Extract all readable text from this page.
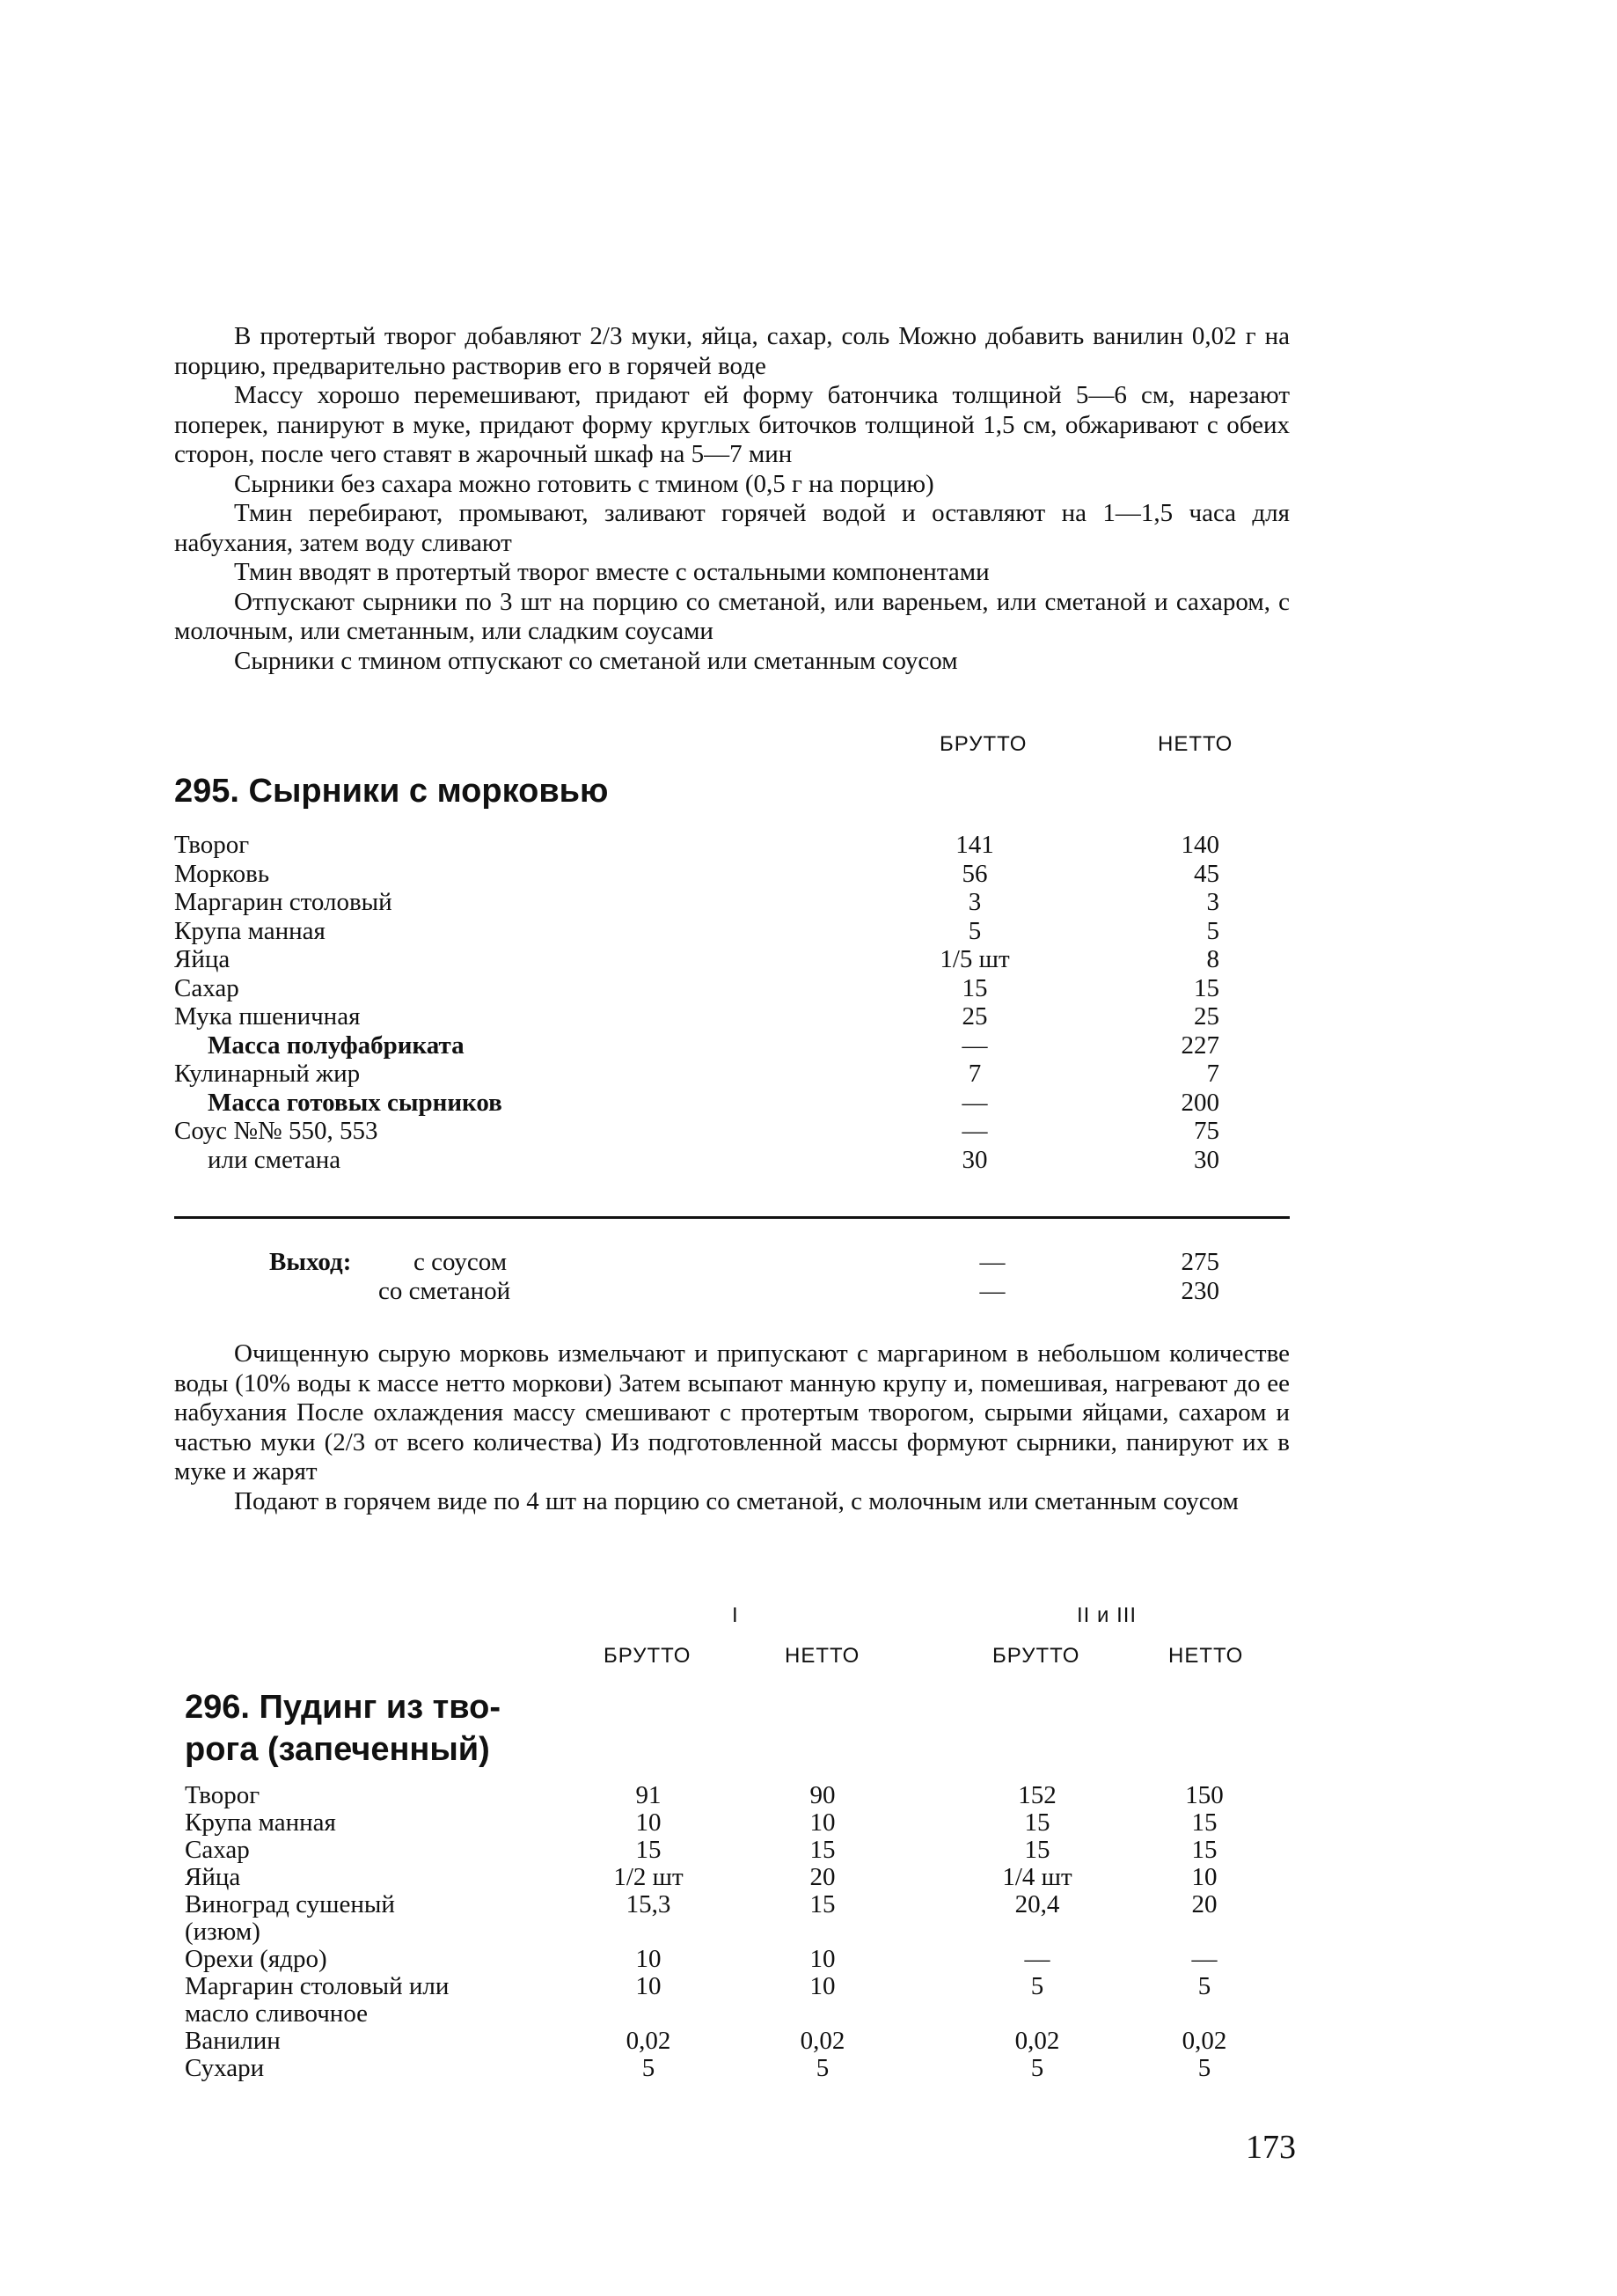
В протертый творог добавляют 2/3 муки, яйца, сахар, соль Можно добавить ванилин 0,02 г на порцию, предварительно растворив его в горячей воде

Массу хорошо перемешивают, придают ей форму батончика толщиной 5—6 см, нарезают поперек, панируют в муке, придают форму круглых биточков толщиной 1,5 см, обжаривают с обеих сторон, после чего ставят в жарочный шкаф на 5—7 мин

Сырники без сахара можно готовить с тмином (0,5 г на порцию)

Тмин перебирают, промывают, заливают горячей водой и оставляют на 1—1,5 часа для набухания, затем воду сливают

Тмин вводят в протертый творог вместе с остальными компонентами

Отпускают сырники по 3 шт на порцию со сметаной, или вареньем, или сметаной и сахаром, с молочным, или сметанным, или сладким соусами

Сырники с тмином отпускают со сметаной или сметанным соусом

БРУТТО	НЕТТО
295. Сырники с морковью
Творог	141	140
Морковь	56	45
Маргарин столовый	3	3
Крупа манная	5	5
Яйца	1/5 шт	8
Сахар	15	15
Мука пшеничная	25	25
Масса полуфабриката	—	227
Кулинарный жир	7	7
Масса готовых сырников	—	200
Соус №№ 550, 553	—	75
или сметана	30	30
Выход: с соусом	—	275
со сметаной	—	230

Очищенную сырую морковь измельчают и припускают с маргарином в небольшом количестве воды (10% воды к массе нетто моркови) Затем всыпают манную крупу и, помешивая, нагревают до ее набухания После охлаждения массу смешивают с протертым творогом, сырыми яйцами, сахаром и частью муки (2/3 от всего количества) Из подготовленной массы формуют сырники, панируют их в муке и жарят

Подают в горячем виде по 4 шт на порцию со сметаной, с молочным или сметанным соусом

I	II и III
БРУТТО	НЕТТО	БРУТТО	НЕТТО
296. Пудинг из тво-
рога (запеченный)
Творог	91	90	152	150
Крупа манная	10	10	15	15
Сахар	15	15	15	15
Яйца	1/2 шт	20	1/4 шт	10
Виноград сушеный
(изюм)
15,3	15	20,4	20
Орехи (ядро)	10	10	—	—
Маргарин столовый или
масло сливочное
10	10	5	5
Ванилин	0,02	0,02	0,02	0,02
Сухари	5	5	5	5
173
